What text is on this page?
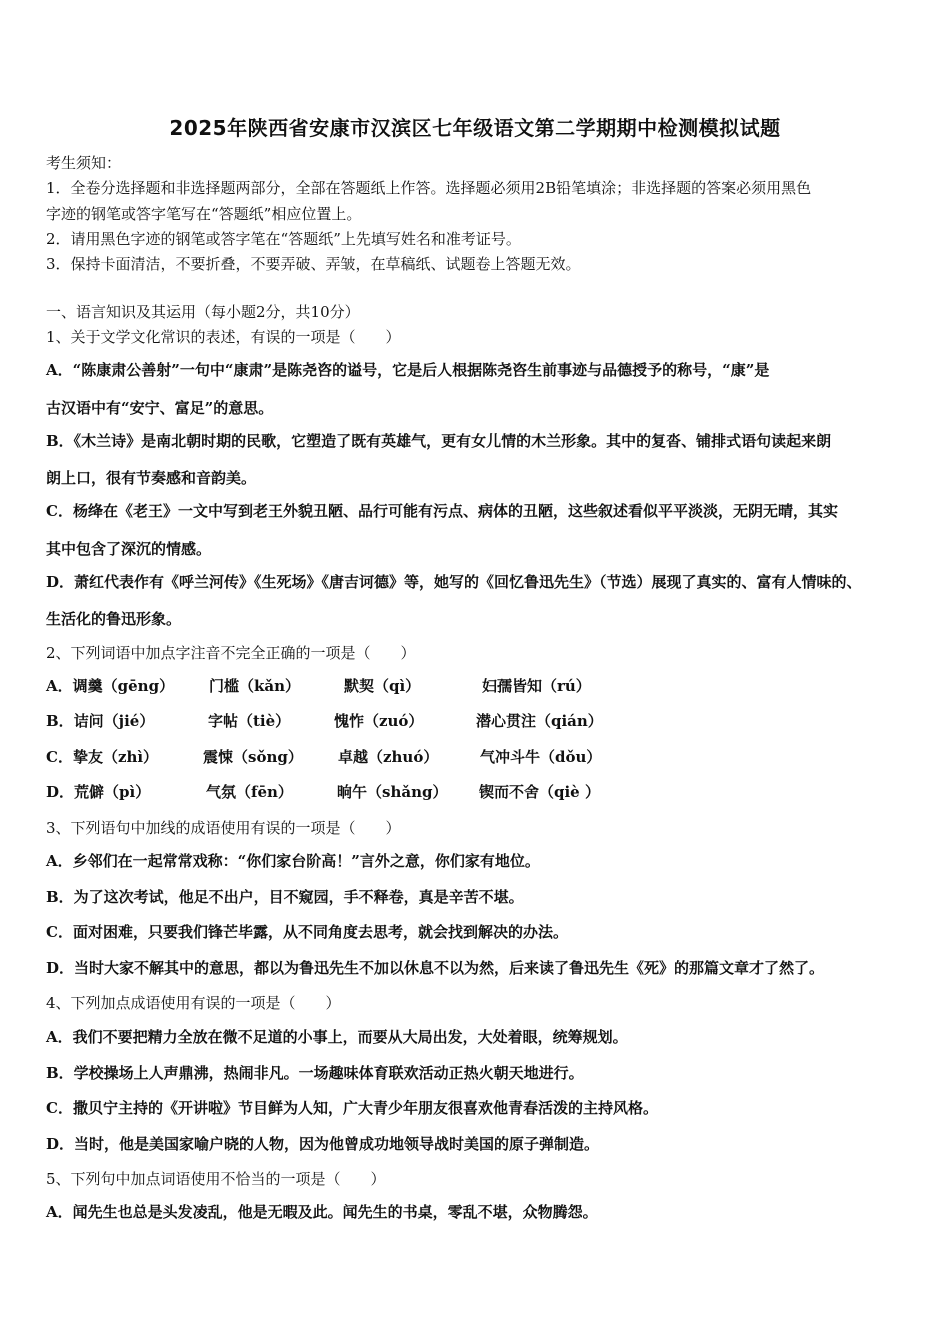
2025年陕西省安康市汉滨区七年级语文第二学期期中检测模拟试题
考生须知：
1．全卷分选择题和非选择题两部分，全部在答题纸上作答。选择题必须用2B铅笔填涂；非选择题的答案必须用黑色
字迹的钢笔或答字笔写在“答题纸”相应位置上。
2．请用黑色字迹的钢笔或答字笔在“答题纸”上先填写姓名和准考证号。
3．保持卡面清洁，不要折叠，不要弄破、弄皱，在草稿纸、试题卷上答题无效。
一、语言知识及其运用（每小题2分，共10分）
1、关于文学文化常识的表述，有误的一项是（　　）
A．“陈康肃公善射”一句中“康肃”是陈尧咨的谥号，它是后人根据陈尧咨生前事迹与品德授予的称号，“康”是
古汉语中有“安宁、富足”的意思。
B．《木兰诗》是南北朝时期的民歌，它塑造了既有英雄气，更有女儿情的木兰形象。其中的复沓、铺排式语句读起来朗
朗上口，很有节奏感和音韵美。
C．杨绛在《老王》一文中写到老王外貌丑陋、品行可能有污点、病体的丑陋，这些叙述看似平平淡淡，无阴无晴，其实
其中包含了深沉的情感。
D．萧红代表作有《呼兰河传》《生死场》《唐吉诃德》等，她写的《回忆鲁迅先生》（节选）展现了真实的、富有人情味的、
生活化的鲁迅形象。
2、下列词语中加点字注音不完全正确的一项是（　　）
A．调羹（gēng） 门槛（kǎn）	默契（qì）	妇孺皆知（rú）
B．诘问（jié）	字帖（tiè）	愧怍（zuó）	潜心贯注（qián）
C．挚友（zhì）	震悚（sǒng） 卓越（zhuó）	气冲斗牛（dǒu）
D．荒僻（pì）	气氛（fēn）	晌午（shǎng） 锲而不舍（qiè ）
3、下列语句中加线的成语使用有误的一项是（　　）
A．乡邻们在一起常常戏称：“你们家台阶高！”言外之意，你们家有地位。
B．为了这次考试，他足不出户，目不窥园，手不释卷，真是辛苦不堪。
C．面对困难，只要我们锋芒毕露，从不同角度去思考，就会找到解决的办法。
D．当时大家不解其中的意思，都以为鲁迅先生不加以休息不以为然，后来读了鲁迅先生《死》的那篇文章才了然了。
4、下列加点成语使用有误的一项是（　　）
A．我们不要把精力全放在微不足道的小事上，而要从大局出发，大处着眼，统筹规划。
B．学校操场上人声鼎沸，热闹非凡。一场趣味体育联欢活动正热火朝天地进行。
C．撒贝宁主持的《开讲啦》节目鲜为人知，广大青少年朋友很喜欢他青春活泼的主持风格。
D．当时，他是美国家喻户晓的人物，因为他曾成功地领导战时美国的原子弹制造。
5、下列句中加点词语使用不恰当的一项是（　　）
A．闻先生也总是头发凌乱，他是无暇及此。闻先生的书桌，零乱不堪，众物腾怨。
